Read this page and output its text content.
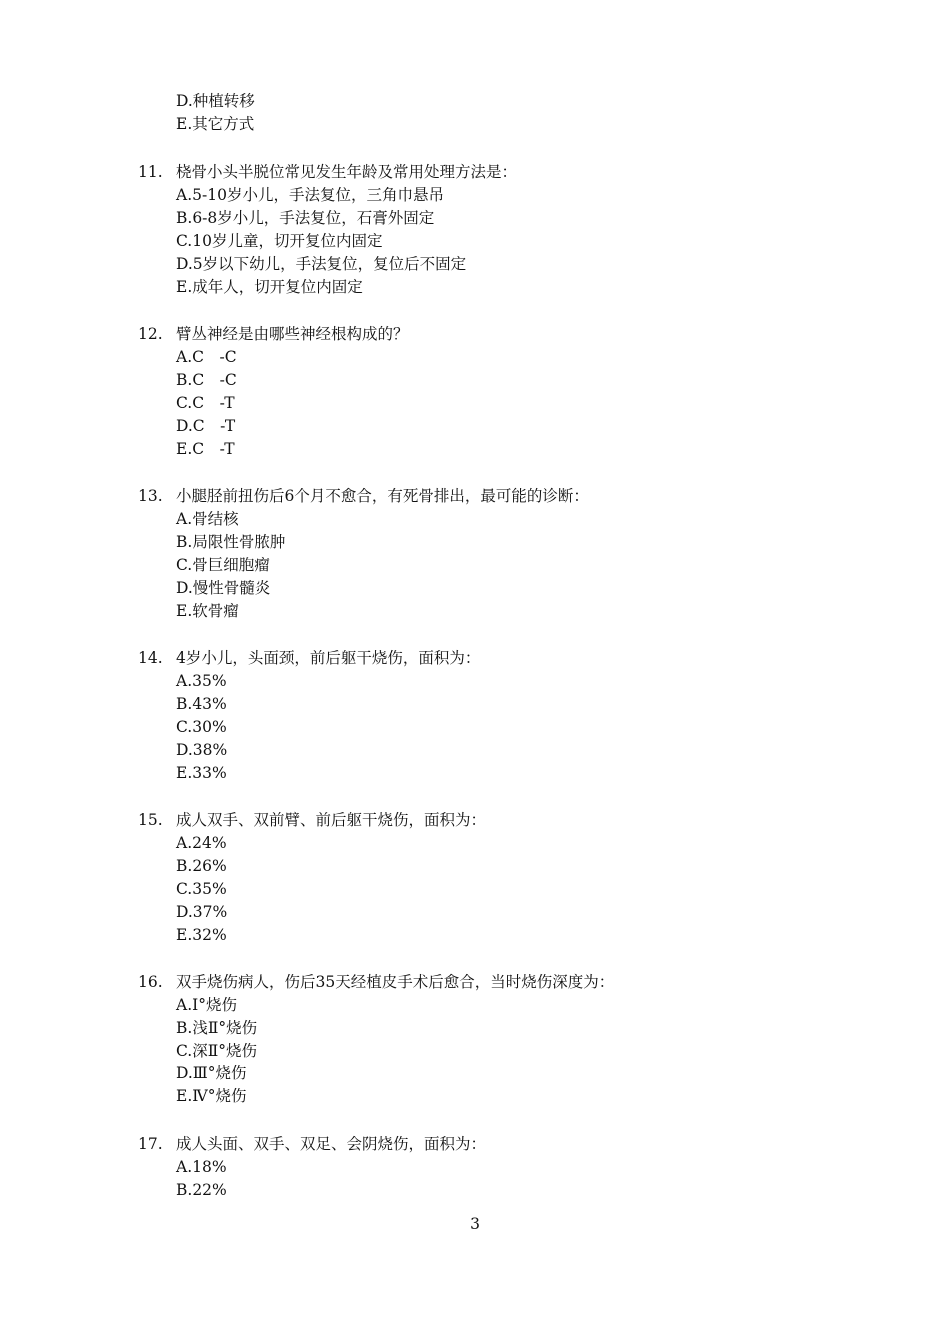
D.种植转移
E.其它方式
11. 桡骨小头半脱位常见发生年龄及常用处理方法是：
A.5-10岁小儿，手法复位，三角巾悬吊
B.6-8岁小儿，手法复位，石膏外固定
C.10岁儿童，切开复位内固定
D.5岁以下幼儿，手法复位，复位后不固定
E.成年人，切开复位内固定
12. 臂丛神经是由哪些神经根构成的？
A.C　-C
B.C　-C
C.C　-T
D.C　-T
E.C　-T
13. 小腿胫前扭伤后6个月不愈合，有死骨排出，最可能的诊断：
A.骨结核
B.局限性骨脓肿
C.骨巨细胞瘤
D.慢性骨髓炎
E.软骨瘤
14. 4岁小儿，头面颈，前后躯干烧伤，面积为：
A.35%
B.43%
C.30%
D.38%
E.33%
15. 成人双手、双前臂、前后躯干烧伤，面积为：
A.24%
B.26%
C.35%
D.37%
E.32%
16. 双手烧伤病人，伤后35天经植皮手术后愈合，当时烧伤深度为：
A.Ⅰ°烧伤
B.浅Ⅱ°烧伤
C.深Ⅱ°烧伤
D.Ⅲ°烧伤
E.Ⅳ°烧伤
17. 成人头面、双手、双足、会阴烧伤，面积为：
A.18%
B.22%
3
